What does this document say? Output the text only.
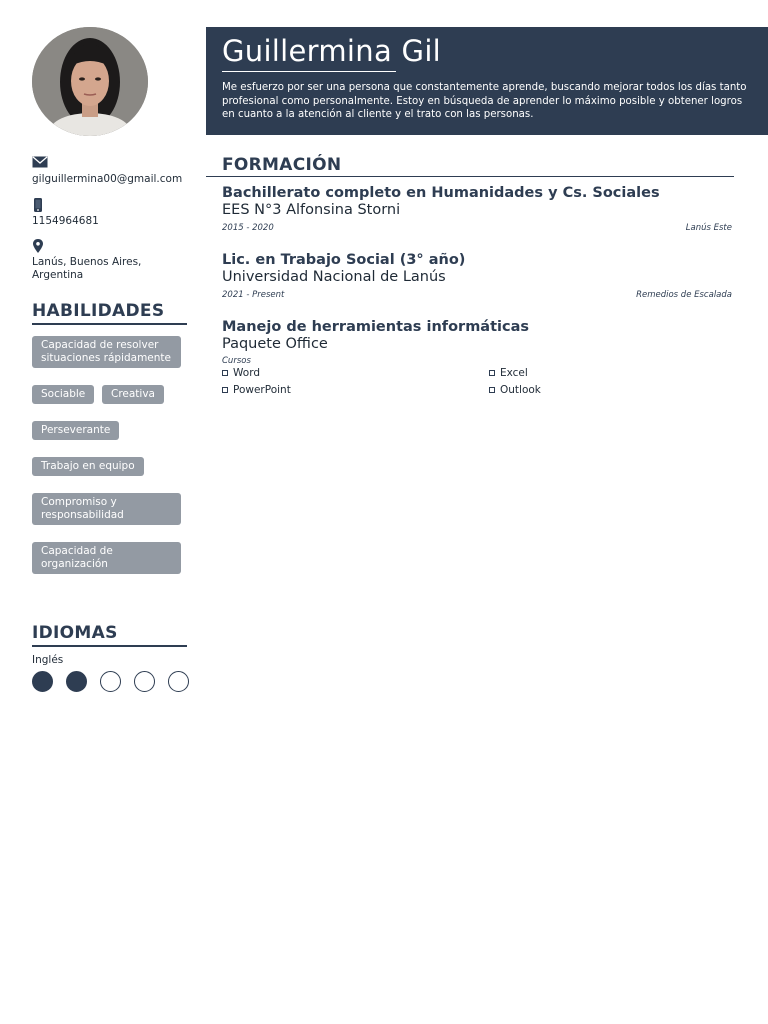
gilguillermina00@gmail.com
1154964681
Lanús, Buenos Aires,
Argentina
HABILIDADES
Capacidad de resolver situaciones rápidamente
Sociable	Creativa
Perseverante
Trabajo en equipo
Compromiso y responsabilidad
Capacidad de organización
IDIOMAS
Inglés
Guillermina Gil
Me esfuerzo por ser una persona que constantemente aprende, buscando mejorar todos los días tanto profesional como personalmente. Estoy en búsqueda de aprender lo máximo posible y obtener logros en cuanto a la atención al cliente y el trato con las personas.
FORMACIÓN
Bachillerato completo en Humanidades y Cs. Sociales
EES N°3 Alfonsina Storni
2015 - 2020	Lanús Este
Lic. en Trabajo Social (3° año)
Universidad Nacional de Lanús
2021 - Present	Remedios de Escalada
Manejo de herramientas informáticas
Paquete Office
Cursos
Word	Excel
PowerPoint	Outlook
